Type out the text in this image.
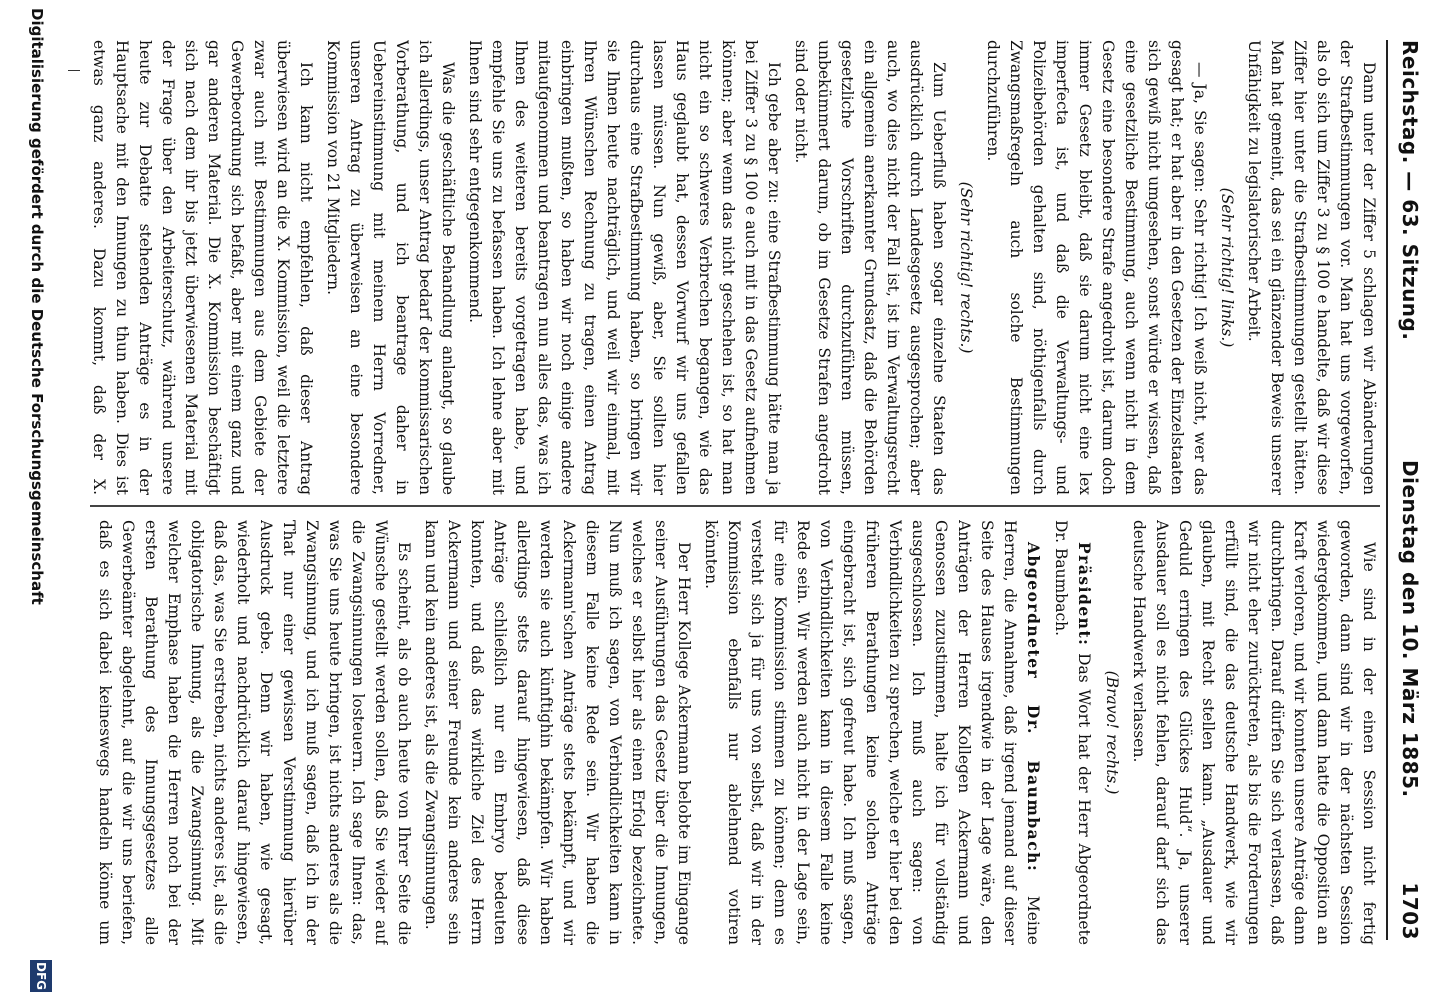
Reichstag. — 63. Sitzung.
Dienstag den 10. März 1885.
1703

Dann unter der Ziffer 5 schlagen wir Abänderungen der Strafbestimmungen vor. Man hat uns vorgeworfen, als ob sich um Ziffer 3 zu § 100 e handelte, daß wir diese Ziffer hier unter die Strafbestimmungen gestellt hätten. Man hat gemeint, das sei ein glänzender Beweis unserer Unfähigkeit zu legislatorischer Arbeit.

(Sehr richtig! links.)

— Ja, Sie sagen: Sehr richtig! Ich weiß nicht, wer das gesagt hat; er hat aber in den Gesetzen der Einzelstaaten sich gewiß nicht umgesehen, sonst würde er wissen, daß eine gesetzliche Bestimmung, auch wenn nicht in dem Gesetz eine besondere Strafe angedroht ist, darum doch immer Gesetz bleibt, daß sie darum nicht eine lex imperfecta ist, und daß die Verwaltungs- und Polizeibehörden gehalten sind, nöthigenfalls durch Zwangsmaßregeln auch solche Bestimmungen durchzuführen.

(Sehr richtig! rechts.)

Zum Ueberfluß haben sogar einzelne Staaten das ausdrücklich durch Landesgesetz ausgesprochen; aber auch, wo dies nicht der Fall ist, ist im Verwaltungsrecht ein allgemein anerkannter Grundsatz, daß die Behörden gesetzliche Vorschriften durchzuführen müssen, unbekümmert darum, ob im Gesetze Strafen angedroht sind oder nicht.

Ich gebe aber zu: eine Strafbestimmung hätte man ja bei Ziffer 3 zu § 100 e auch mit in das Gesetz aufnehmen können; aber wenn das nicht geschehen ist, so hat man nicht ein so schweres Verbrechen begangen, wie das Haus geglaubt hat, dessen Vorwurf wir uns gefallen lassen müssen. Nun gewiß, aber, Sie sollten hier durchaus eine Strafbestimmung haben, so bringen wir sie Ihnen heute nachträglich, und weil wir einmal, mit Ihren Wünschen Rechnung zu tragen, einen Antrag einbringen mußten, so haben wir noch einige andere mitaufgenommen und beantragen nun alles das, was ich Ihnen des weiteren bereits vorgetragen habe, und empfehle Sie uns zu befassen haben. Ich lehne aber mit Ihnen sind sehr entgegenkommend.

Was die geschäftliche Behandlung anlangt, so glaube ich allerdings, unser Antrag bedarf der kommissarischen Vorberathung, und ich beantrage daher in Uebereinstimmung mit meinem Herrn Vorredner, unseren Antrag zu überweisen an eine besondere Kommission von 21 Mitgliedern.

Ich kann nicht empfehlen, daß dieser Antrag überwiesen wird an die X. Kommission, weil die letztere zwar auch mit Bestimmungen aus dem Gebiete der Gewerbeordnung sich befaßt, aber mit einem ganz und gar anderen Material. Die X. Kommission beschäftigt sich nach dem ihr bis jetzt überwiesenen Material mit der Frage über den Arbeiterschutz, während unsere heute zur Debatte stehenden Anträge es in der Hauptsache mit den Innungen zu thun haben. Dies ist etwas ganz anderes. Dazu kommt, daß der X.

Wie sind in der einen Session nicht fertig geworden, dann sind wir in der nächsten Session wiedergekommen, und dann hatte die Opposition an Kraft verloren, und wir konnten unsere Anträge dann durchbringen. Darauf dürfen Sie sich verlassen, daß wir nicht eher zurücktreten, als bis die Forderungen erfüllt sind, die das deutsche Handwerk, wie wir glauben, mit Recht stellen kann. „Ausdauer und Geduld erringen des Glückes Huld“. Ja, unserer Ausdauer soll es nicht fehlen, darauf darf sich das deutsche Handwerk verlassen.

(Bravo! rechts.)

Präsident: Das Wort hat der Herr Abgeordnete Dr. Baumbach.

Abgeordneter Dr. Baumbach: Meine Herren, die Annahme, daß irgend jemand auf dieser Seite des Hauses irgendwie in der Lage wäre, den Anträgen der Herren Kollegen Ackermann und Genossen zuzustimmen, halte ich für vollständig ausgeschlossen. Ich muß auch sagen: von Verbindlichkeiten zu sprechen, welche er hier bei den früheren Berathungen keine solchen Anträge eingebracht ist, sich gefreut habe. Ich muß sagen, von Verbindlichkeiten kann in diesem Falle keine Rede sein. Wir werden auch nicht in der Lage sein, für eine Kommission stimmen zu können; denn es versteht sich ja für uns von selbst, daß wir in der Kommission ebenfalls nur ablehnend votiren könnten.

Der Herr Kollege Ackermann belobte im Eingange seiner Ausführungen das Gesetz über die Innungen, welches er selbst hier als einen Erfolg bezeichnete. Nun muß ich sagen, von Verbindlichkeiten kann in diesem Falle keine Rede sein. Wir haben die Ackermann'schen Anträge stets bekämpft, und wir werden sie auch künftighin bekämpfen. Wir haben allerdings stets darauf hingewiesen, daß diese Anträge schließlich nur ein Embryo bedeuten konnten, und daß das wirkliche Ziel des Herrn Ackermann und seiner Freunde kein anderes sein kann und kein anderes ist, als die Zwangsinnungen.

Es scheint, als ob auch heute von Ihrer Seite die Wünsche gestellt werden sollen, daß Sie wieder auf die Zwangsinnungen losteuern. Ich sage Ihnen: das, was Sie uns heute bringen, ist nichts anderes als die Zwangsinnung, und ich muß sagen, daß ich in der That nur einer gewissen Verstimmung hierüber Ausdruck gebe. Denn wir haben, wie gesagt, wiederholt und nachdrücklich darauf hingewiesen, daß das, was Sie erstreben, nichts anderes ist, als die obligatorische Innung, als die Zwangsinnung. Mit welcher Emphase haben die Herren noch bei der ersten Berathung des Innungsgesetzes alle Gewerbeämter abgelehnt, auf die wir uns beriefen, daß es sich dabei keineswegs handeln könne um

Digitalisierung gefördert durch die Deutsche Forschungsgemeinschaft
DFG
